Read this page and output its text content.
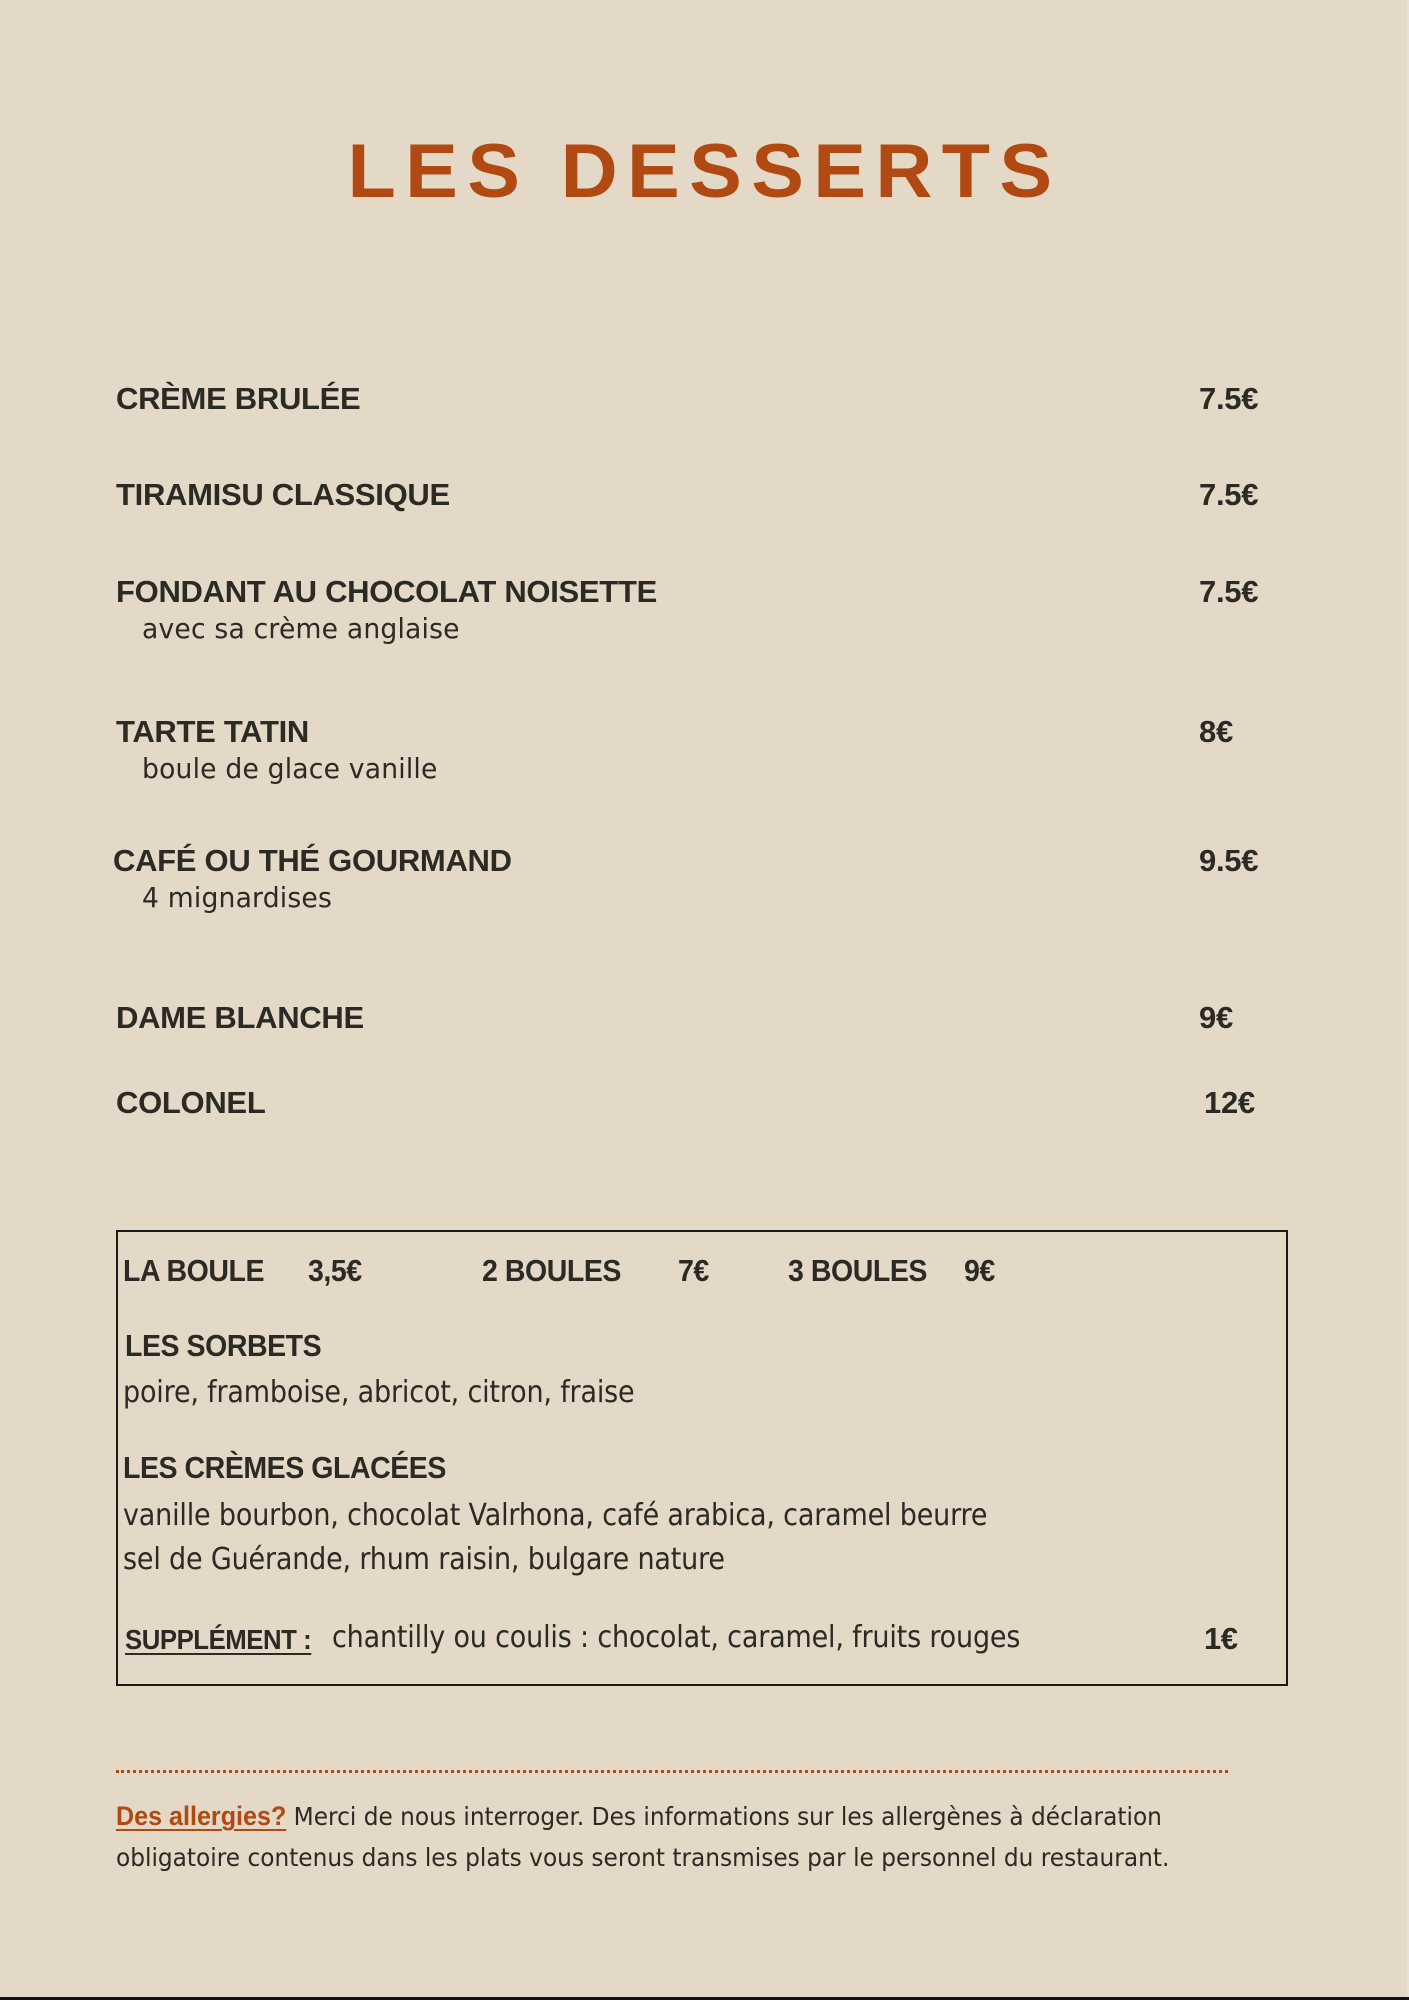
LES DESSERTS
CRÈME BRULÉE	7.5€
TIRAMISU CLASSIQUE	7.5€
FONDANT AU CHOCOLAT NOISETTE	7.5€
avec sa crème anglaise
TARTE TATIN	8€
boule de glace vanille
CAFÉ OU THÉ GOURMAND	9.5€
4 mignardises
DAME BLANCHE	9€
COLONEL	12€
LA BOULE 3,5€	2 BOULES 7€	3 BOULES 9€
LES SORBETS
poire, framboise, abricot, citron, fraise
LES CRÈMES GLACÉES
vanille bourbon, chocolat Valrhona, café arabica, caramel beurre
sel de Guérande, rhum raisin, bulgare nature
SUPPLÉMENT : chantilly ou coulis : chocolat, caramel, fruits rouges	1€
Des allergies? Merci de nous interroger. Des informations sur les allergènes à déclaration obligatoire contenus dans les plats vous seront transmises par le personnel du restaurant.
